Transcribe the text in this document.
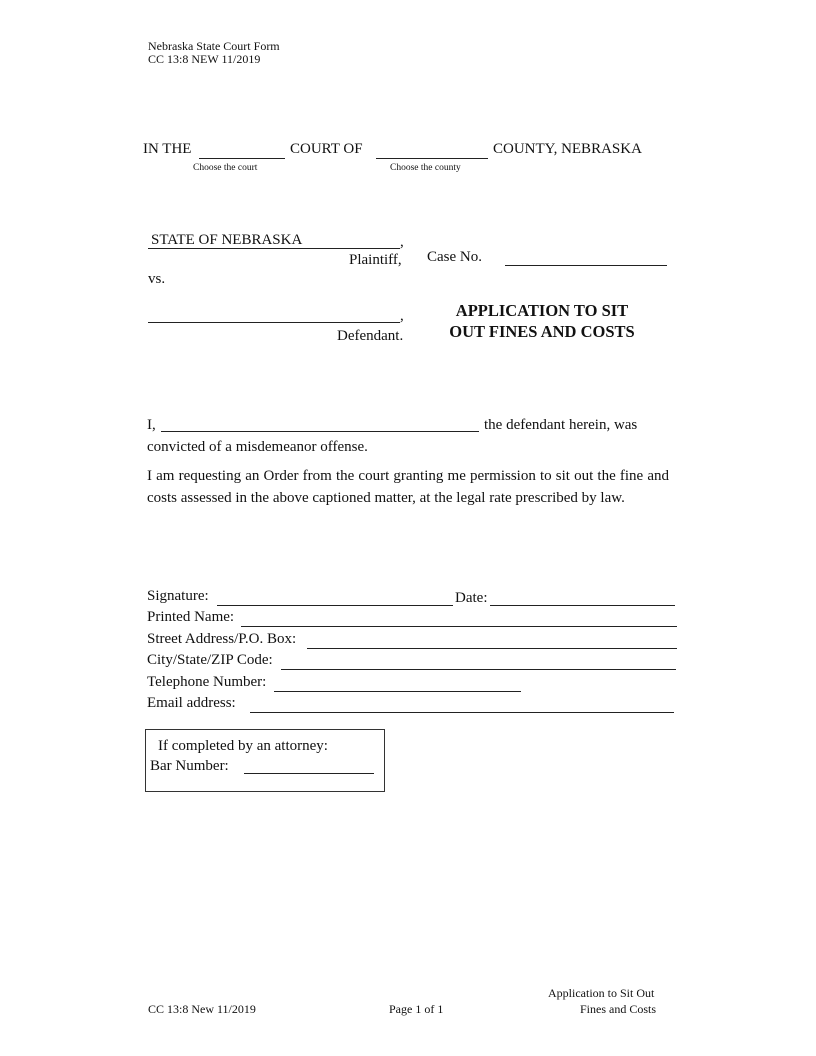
Nebraska State Court Form
CC 13:8 NEW 11/2019
IN THE	COURT OF	COUNTY, NEBRASKA
Choose the court	Choose the county
STATE OF NEBRASKA	,
Plaintiff, Case No.
vs.
,
Defendant.
APPLICATION TO SIT
OUT FINES AND COSTS
I,	the defendant herein, was
convicted of a misdemeanor offense.
I am requesting an Order from the court granting me permission to sit out the fine and costs assessed in the above captioned matter, at the legal rate prescribed by law.
Signature:	Date:
Printed Name:
Street Address/P.O. Box:
City/State/ZIP Code:
Telephone Number:
Email address:
If completed by an attorney:
Bar Number:
Application to Sit Out
Fines and Costs
CC 13:8 New 11/2019	Page 1 of 1
